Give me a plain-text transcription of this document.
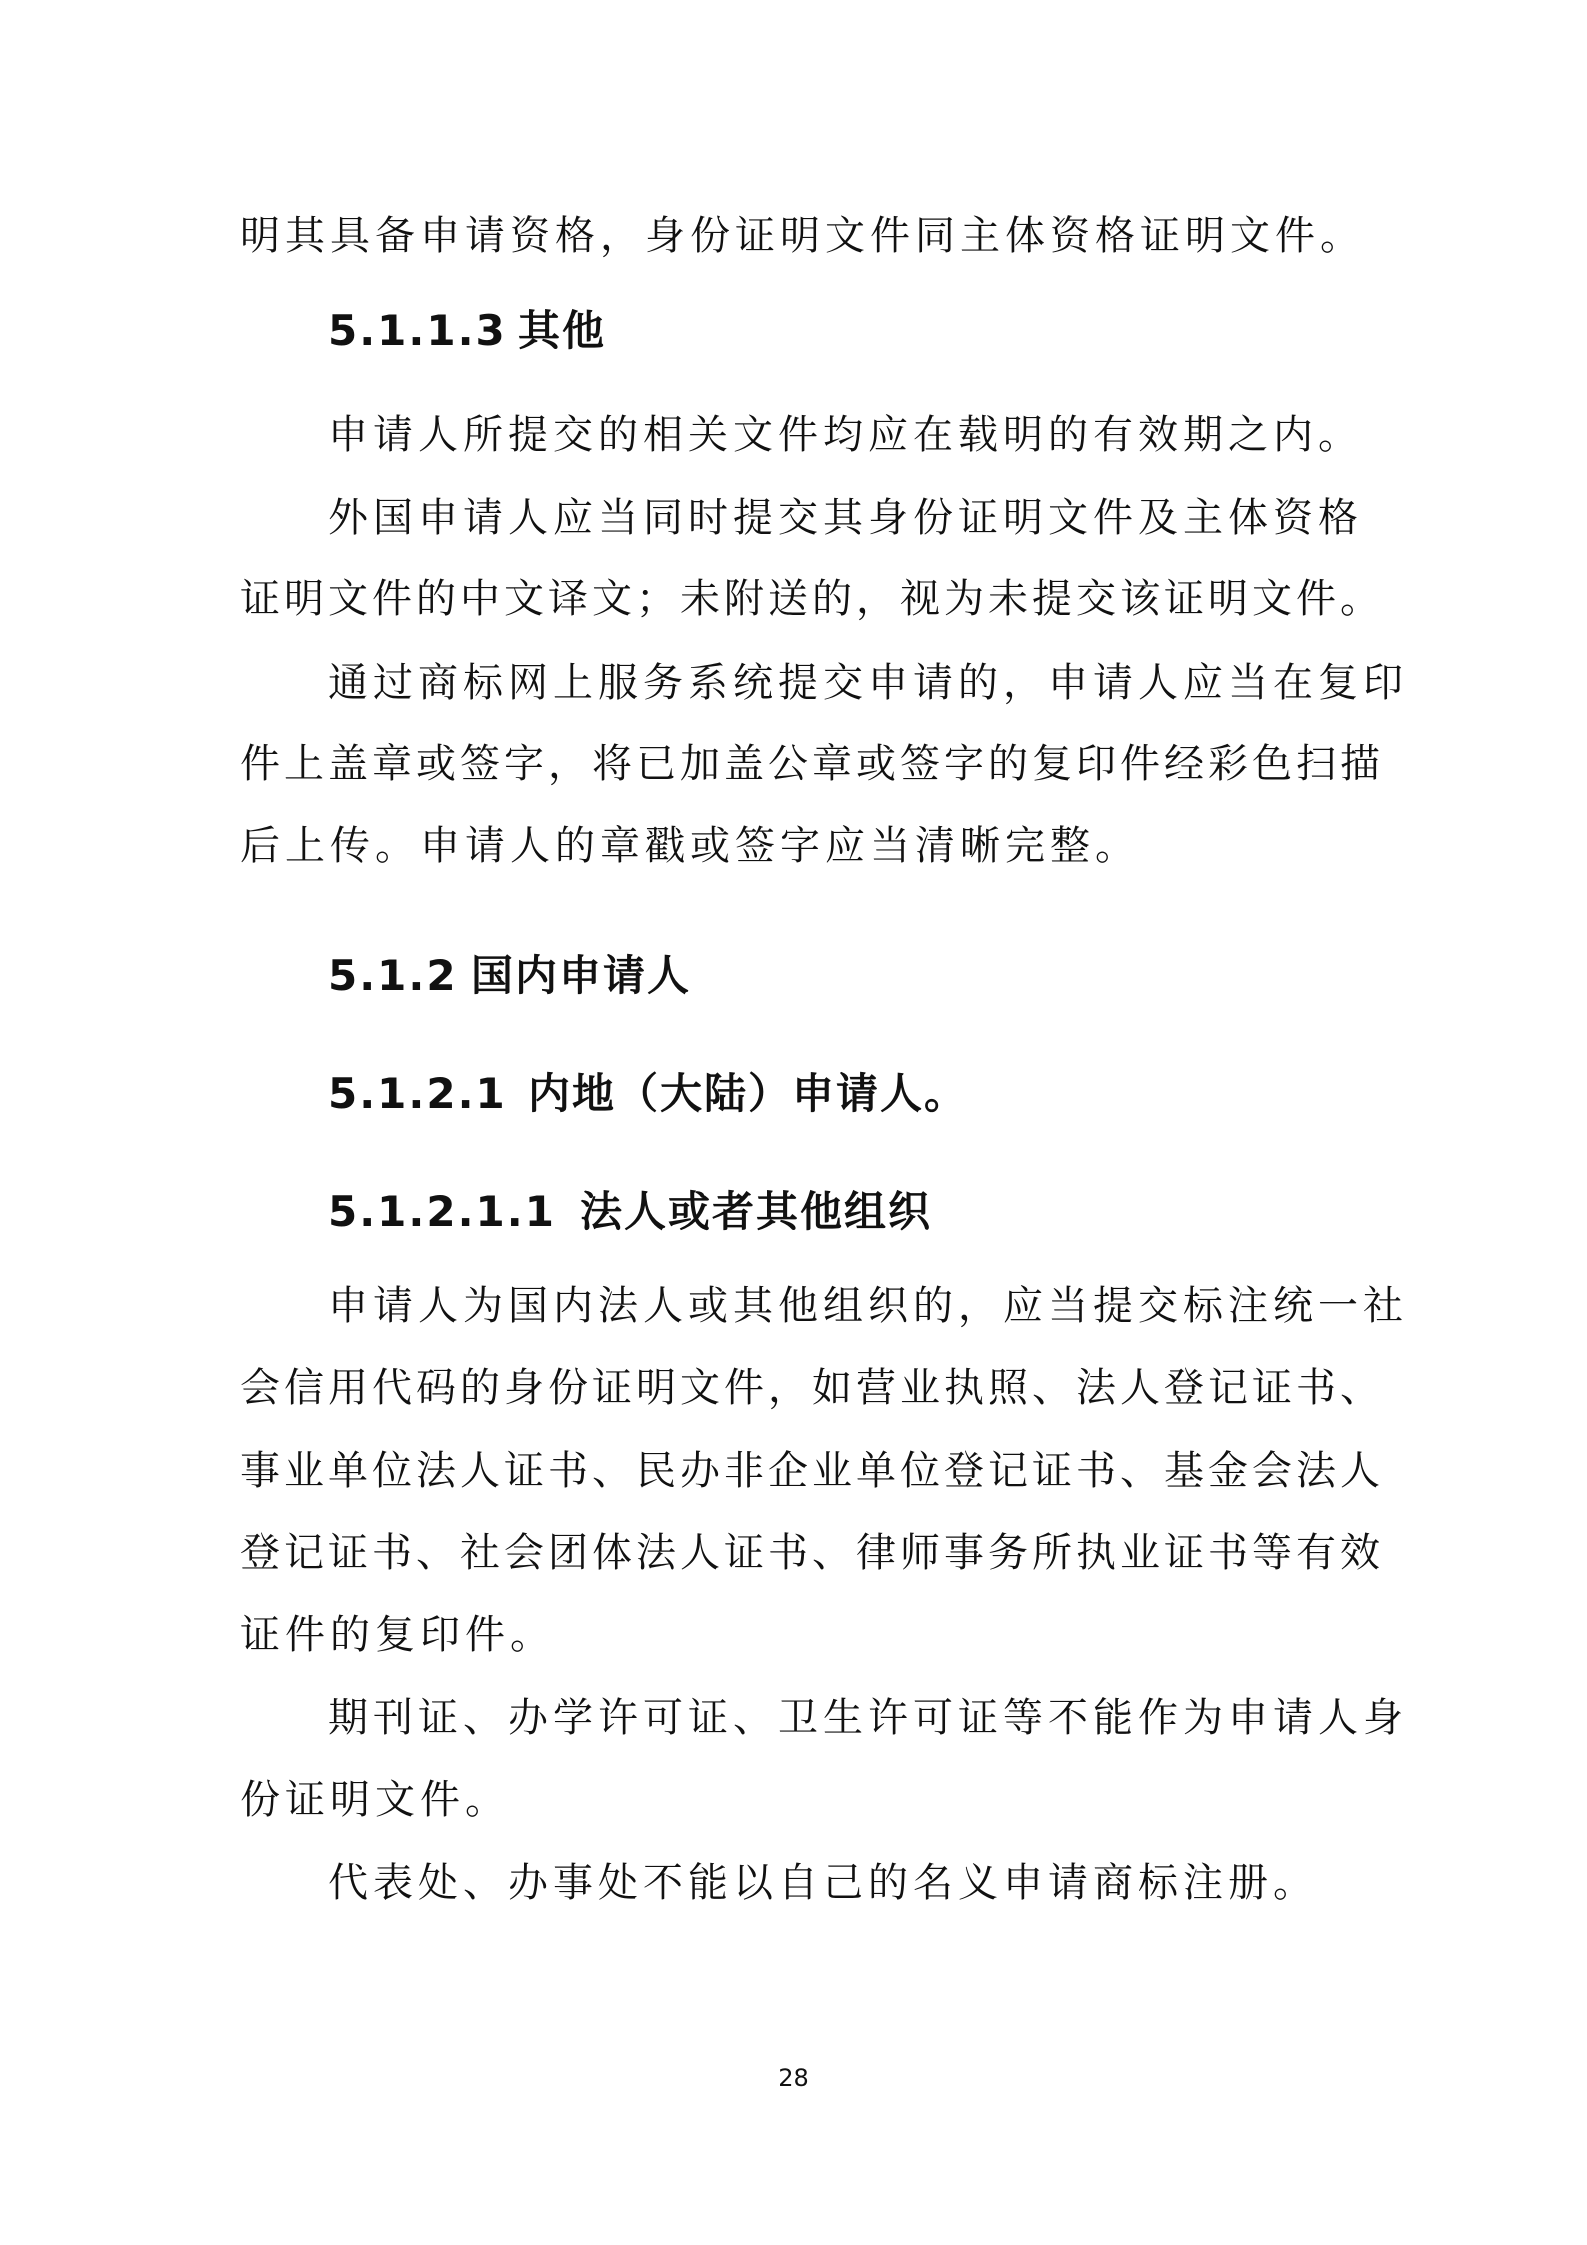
明其具备申请资格，身份证明文件同主体资格证明文件。
5.1.1.3 其他
申请人所提交的相关文件均应在载明的有效期之内。
外国申请人应当同时提交其身份证明文件及主体资格
证明文件的中文译文；未附送的，视为未提交该证明文件。
通过商标网上服务系统提交申请的，申请人应当在复印
件上盖章或签字，将已加盖公章或签字的复印件经彩色扫描
后上传。申请人的章戳或签字应当清晰完整。
5.1.2 国内申请人
5.1.2.1 内地（大陆）申请人。
5.1.2.1.1 法人或者其他组织
申请人为国内法人或其他组织的，应当提交标注统一社
会信用代码的身份证明文件，如营业执照、法人登记证书、
事业单位法人证书、民办非企业单位登记证书、基金会法人
登记证书、社会团体法人证书、律师事务所执业证书等有效
证件的复印件。
期刊证、办学许可证、卫生许可证等不能作为申请人身
份证明文件。
代表处、办事处不能以自己的名义申请商标注册。
28
